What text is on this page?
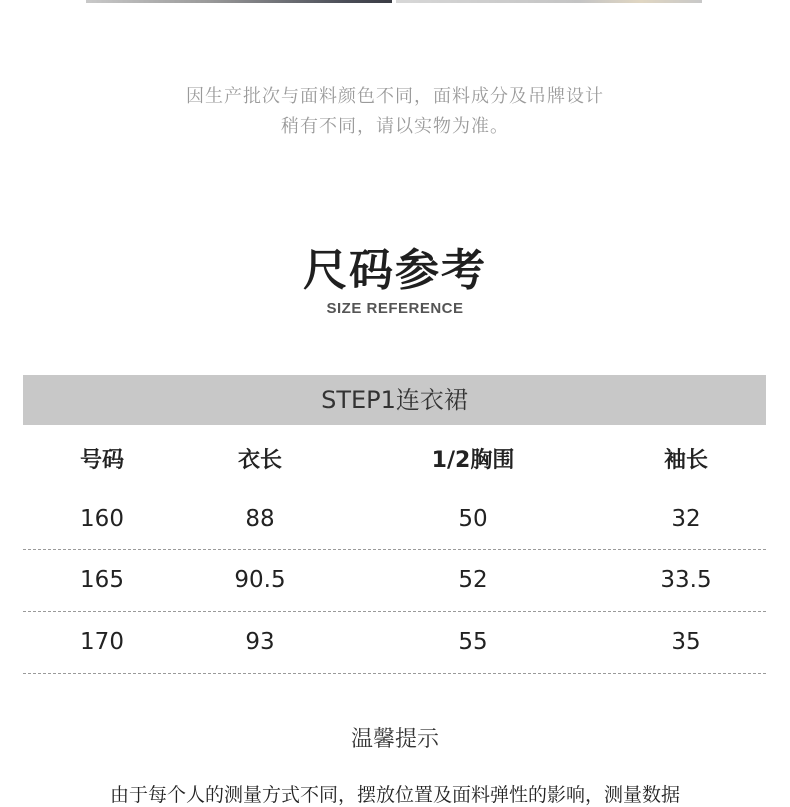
因生产批次与面料颜色不同，面料成分及吊牌设计
稍有不同，请以实物为准。
尺码参考
SIZE REFERENCE
STEP1连衣裙
号码	衣长	1/2胸围	袖长
160	88	50	32
165	90.5	52	33.5
170	93	55	35
温馨提示
由于每个人的测量方式不同，摆放位置及面料弹性的影响，测量数据
